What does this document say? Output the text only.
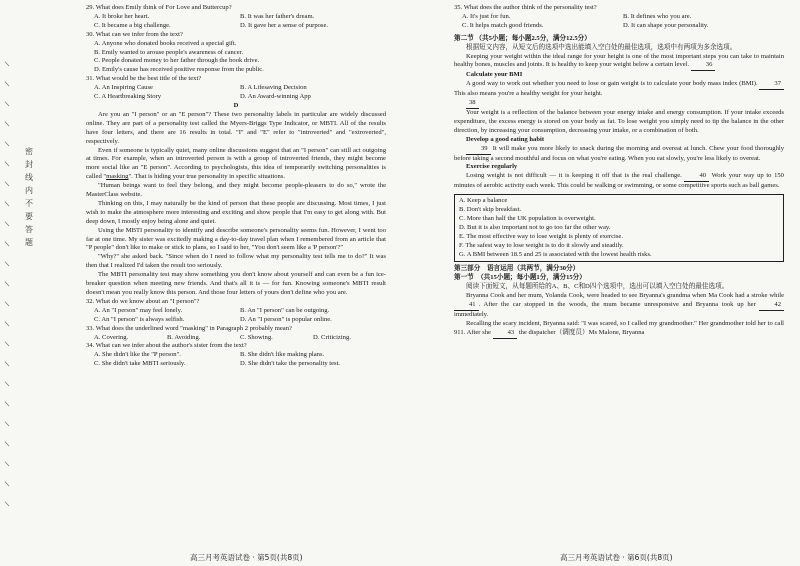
/
/
/
/
/
/
/
/
/
/
/
/
/
/
/
/
/
/
/
/
/
/
/
密封线内不要答题

29. What does Emily think of For Love and Buttercup?

A. It broke her heart.	B. It was her father's dream.
C. It became a big challenge.	D. It gave her a sense of purpose.

30. What can we infer from the text?

A. Anyone who donated books received a special gift.

B. Emily wanted to arouse people's awareness of cancer.

C. People donated money to her father through the book drive.

D. Emily's cause has received positive response from the public.

31. What would be the best title of the text?

A. An Inspiring Cause	B. A Lifesaving Decision
C. A Heartbreaking Story	D. An Award-winning App

D

Are you an "I person" or an "E person"? These two personality labels in particular are widely discussed online. They are part of a personality test called the Myers-Briggs Type Indicator, or MBTI. All of the results have four letters, and there are 16 results in total. "I" and "E" refer to "introverted" and "extroverted", respectively.

Even if someone is typically quiet, many online discussions suggest that an "I person" can still act outgoing at times. For example, when an introverted person is with a group of introverted friends, they might become more social like an "E person". According to psychologists, this idea of temporarily switching personalities is called "masking". That is hiding your true personality in specific situations.

"Human beings want to feel they belong, and they might become people-pleasers to do so," wrote the MasterClass website.

Thinking on this, I may naturally be the kind of person that these people are discussing. Most times, I just wish to make the atmosphere more interesting and exciting and show people that I'm easy to get along with. But deep down, I mostly enjoy being alone and quiet.

Using the MBTI personality to identify and describe someone's personality seems fun. However, I went too far at one time. My sister was excitedly making a day-to-day travel plan when I remembered from an article that "P people" don't like to make or stick to plans, so I said to her, "You don't seem like a 'P person'?"

"Why?" she asked back. "Since when do I need to follow what my personality test tells me to do?" It was then that I realized I'd taken the result too seriously.

The MBTI personality test may show something you don't know about yourself and can even be a fun ice-breaker question when meeting new friends. And that's all it is — for fun. Knowing someone's MBTI result doesn't mean you really know this person. And those four letters of yours don't define who you are.

32. What do we know about an "I person"?

A. An "I person" may feel lonely.	B. An "I person" can be outgoing.
C. An "I person" is always selfish.	D. An "I person" is popular online.

33. What does the underlined word "masking" in Paragraph 2 probably mean?

A. Covering.	B. Avoiding.	C. Showing.	D. Criticizing.

34. What can we infer about the author's sister from the text?

A. She didn't like the "P person".	B. She didn't like making plans.
C. She didn't take MBTI seriously.	D. She didn't take the personality test.

35. What does the author think of the personality test?

A. It's just for fun.	B. It defines who you are.
C. It helps match good friends.	D. It can shape your personality.

第二节 （共5小题；每小题2.5分，满分12.5分）

根据短文内容，从短文后的选项中选出能填入空白处的最佳选项，选项中有两项为多余选项。

Keeping your weight within the ideal range for your height is one of the most important steps you can take to maintain healthy bones, muscles and joints. It is healthy to keep your weight below a certain level. 36

Calculate your BMI

A good way to work out whether you need to lose or gain weight is to calculate your body mass index (BMI). 37 This also means you're a healthy weight for your height.

38

Your weight is a reflection of the balance between your energy intake and energy consumption. If your intake exceeds expenditure, the excess energy is stored on your body as fat. To lose weight you simply need to tip the balance in the other direction, by increasing your consumption, decreasing your intake, or a combination of both.

Develop a good eating habit

39 It will make you more likely to snack during the morning and overeat at lunch. Chew your food thoroughly before taking a second mouthful and focus on what you're eating. When you eat slowly, you're less likely to overeat.

Exercise regularly

Losing weight is not difficult — it is keeping it off that is the real challenge. 40 Work your way up to 150 minutes of aerobic activity each week. This could be walking or swimming, or some competitive sports such as ball games.

A. Keep a balance

B. Don't skip breakfast.

C. More than half the UK population is overweight.

D. But it is also important not to go too far the other way.

E. The most effective way to lose weight is plenty of exercise.

F. The safest way to lose weight is to do it slowly and steadily.

G. A BMI between 18.5 and 25 is associated with the lowest health risks.

第三部分　语言运用（共两节，满分30分）

第一节　（共15小题；每小题1分，满分15分）

阅读下面短文，从每题所给的A、B、C和D四个选项中，选出可以填入空白处的最佳选项。

Bryanna Cook and her mum, Yolanda Cook, were headed to see Bryanna's grandma when Ma Cook had a stroke while 41 . After the car stopped in the woods, the mum became unresponsive and Bryanna took up her 42 immediately.

Recalling the scary incident, Bryanna said: "I was scared, so I called my grandmother." Her grandmother told her to call 911. After she 43 the dispatcher（调度员）Ms Malone, Bryanna

高三月考英语试卷 · 第5页(共8页)	高三月考英语试卷 · 第6页(共8页)
